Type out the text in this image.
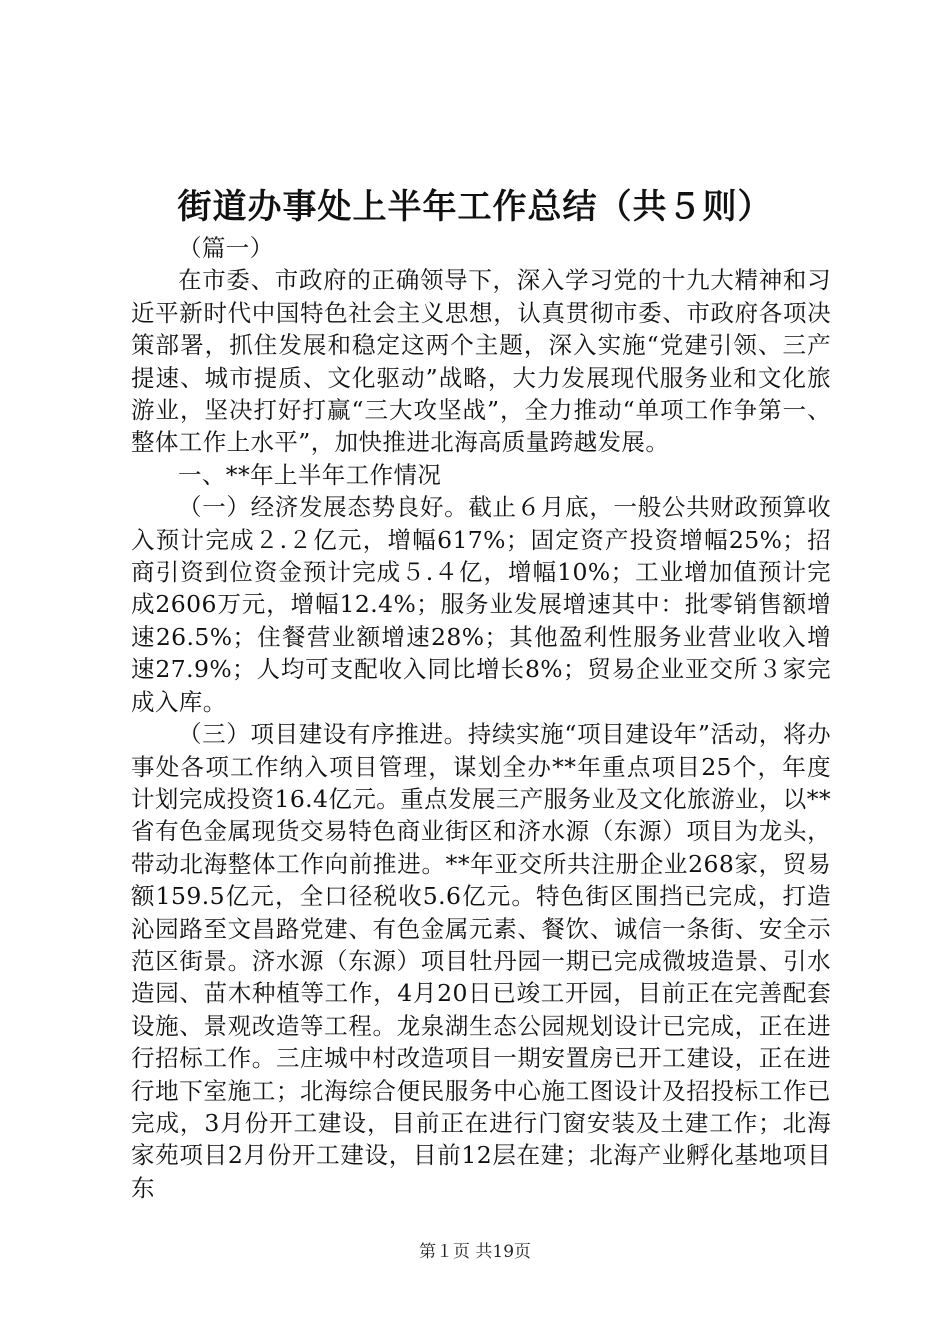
街道办事处上半年工作总结（共５则）

（篇一）

在市委、市政府的正确领导下，深入学习党的十九大精神和习近平新时代中国特色社会主义思想，认真贯彻市委、市政府各项决策部署，抓住发展和稳定这两个主题，深入实施“党建引领、三产提速、城市提质、文化驱动”战略，大力发展现代服务业和文化旅游业，坚决打好打赢“三大攻坚战”，全力推动“单项工作争第一、整体工作上水平”，加快推进北海高质量跨越发展。

一、**年上半年工作情况

（一）经济发展态势良好。截止６月底，一般公共财政预算收入预计完成２.２亿元，增幅617%；固定资产投资增幅25%；招商引资到位资金预计完成５.４亿，增幅10%；工业增加值预计完成2606万元，增幅12.4%；服务业发展增速其中：批零销售额增速26.5%；住餐营业额增速28%；其他盈利性服务业营业收入增速27.9%；人均可支配收入同比增长8%；贸易企业亚交所３家完成入库。

（三）项目建设有序推进。持续实施“项目建设年”活动，将办事处各项工作纳入项目管理，谋划全办**年重点项目25个，年度计划完成投资16.4亿元。重点发展三产服务业及文化旅游业，以**省有色金属现货交易特色商业街区和济水源（东源）项目为龙头，带动北海整体工作向前推进。**年亚交所共注册企业268家，贸易额159.5亿元，全口径税收5.6亿元。特色街区围挡已完成，打造沁园路至文昌路党建、有色金属元素、餐饮、诚信一条街、安全示范区街景。济水源（东源）项目牡丹园一期已完成微坡造景、引水造园、苗木种植等工作，4月20日已竣工开园，目前正在完善配套设施、景观改造等工程。龙泉湖生态公园规划设计已完成，正在进行招标工作。三庄城中村改造项目一期安置房已开工建设，正在进行地下室施工；北海综合便民服务中心施工图设计及招投标工作已完成，3月份开工建设，目前正在进行门窗安装及土建工作；北海家苑项目2月份开工建设，目前12层在建；北海产业孵化基地项目东

第１页 共19页
